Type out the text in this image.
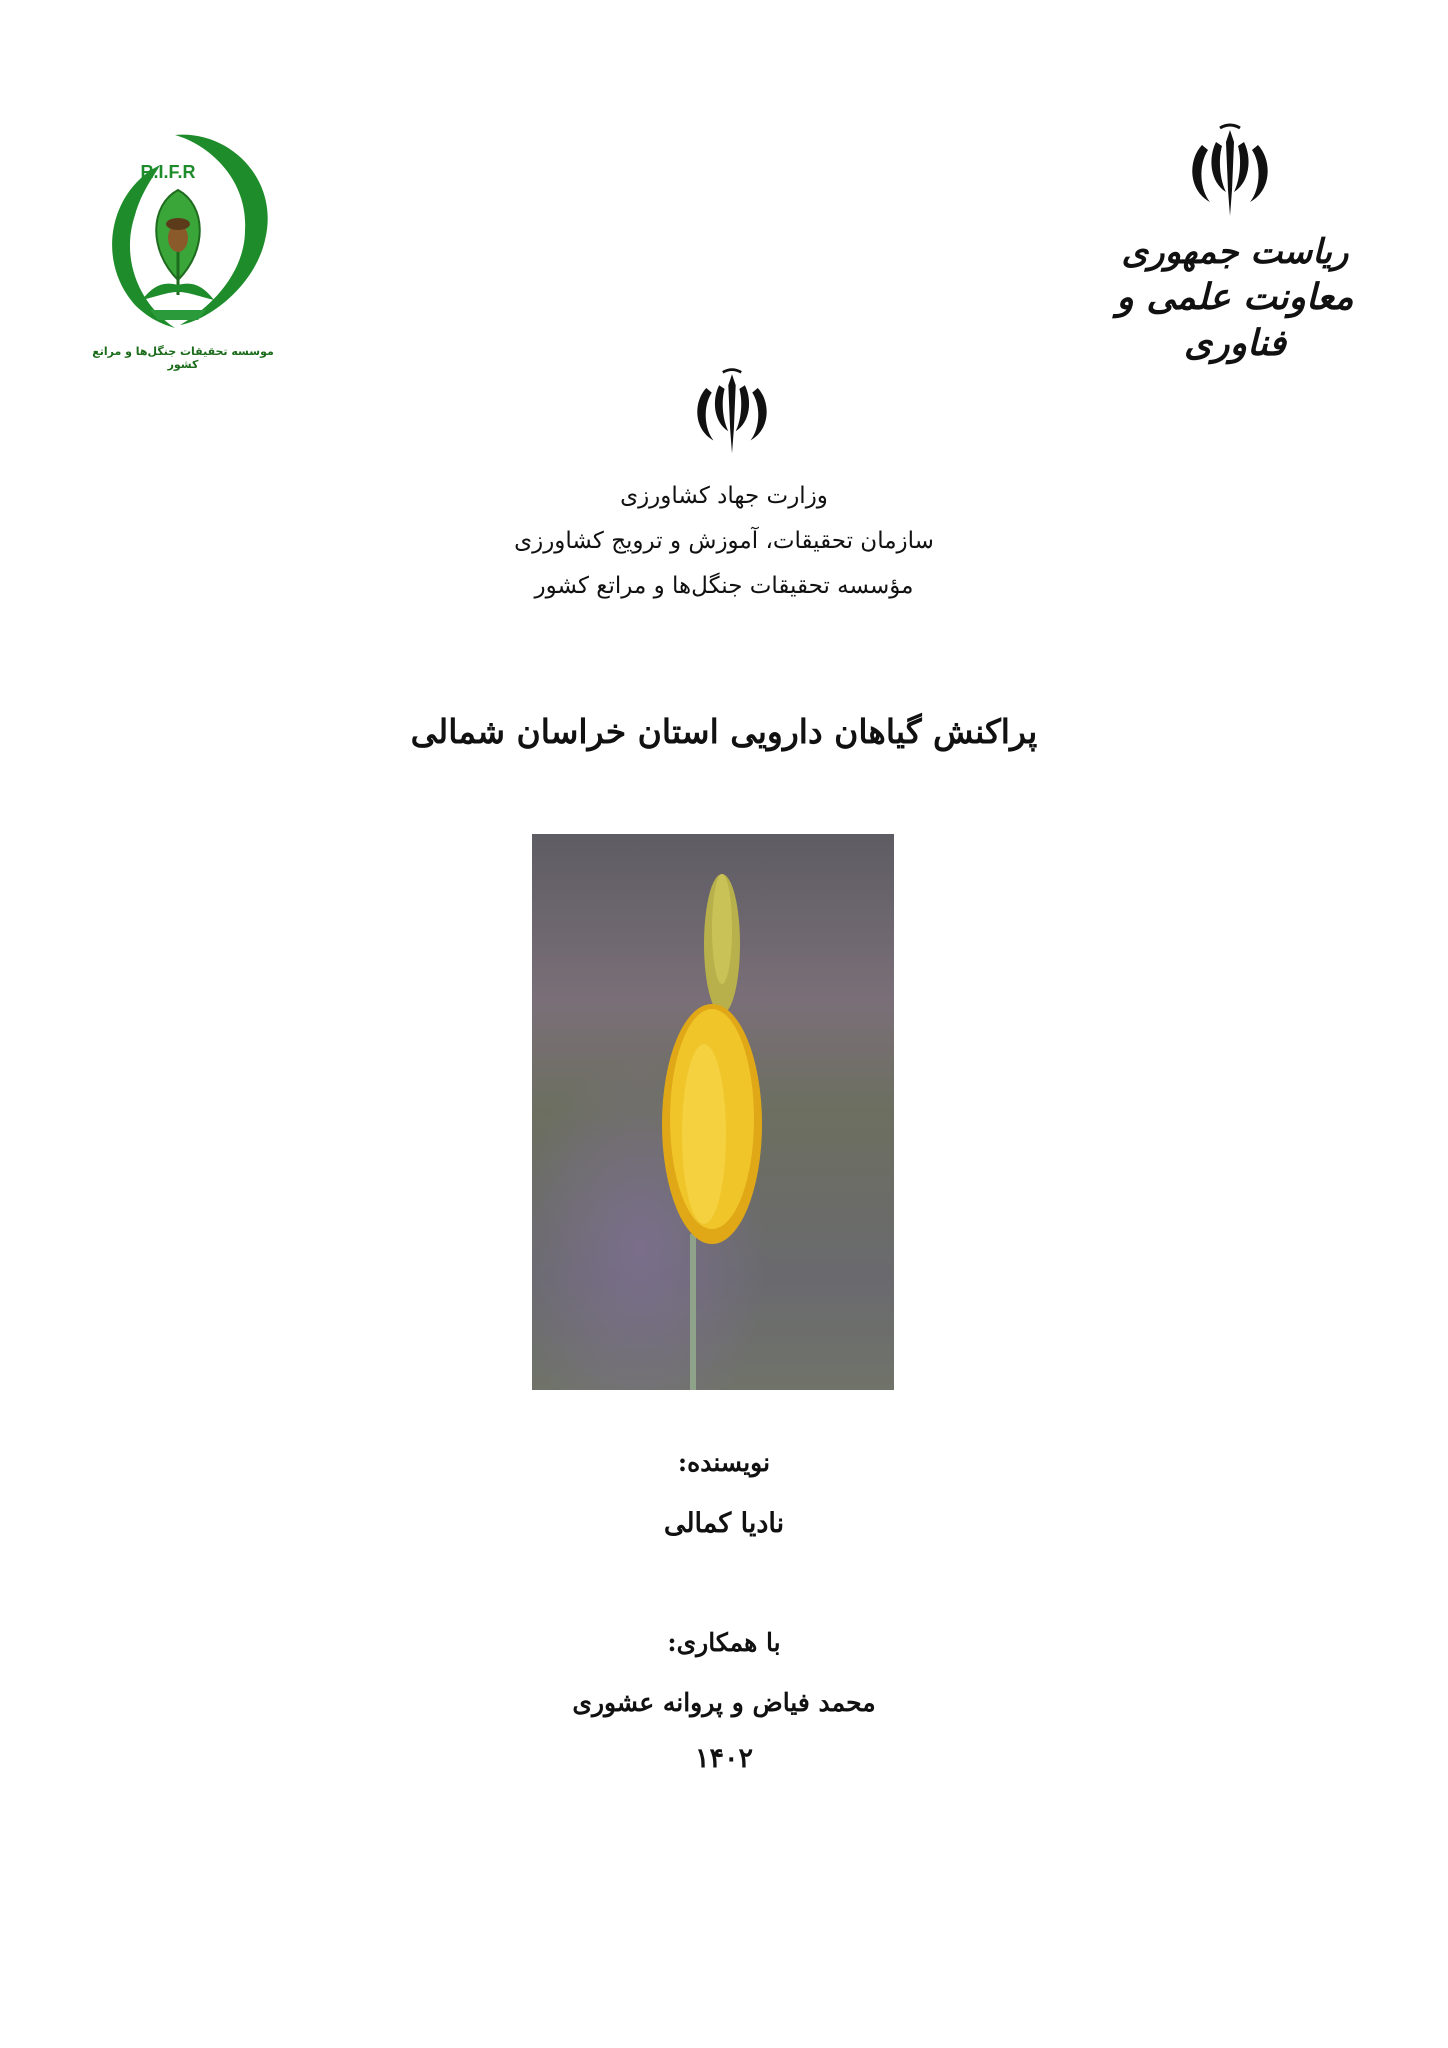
R.I.F.R
موسسه تحقیقات جنگل‌ها و مراتع کشور
ریاست جمهوری
معاونت علمی و فناوری
وزارت جهاد کشاورزی
سازمان تحقیقات، آموزش و ترویج کشاورزی
مؤسسه تحقیقات جنگل‌ها و مراتع کشور
پراکنش گیاهان دارویی استان خراسان شمالی
نویسنده:
نادیا کمالی
با همکاری:
محمد فیاض و پروانه عشوری
۱۴۰۲
